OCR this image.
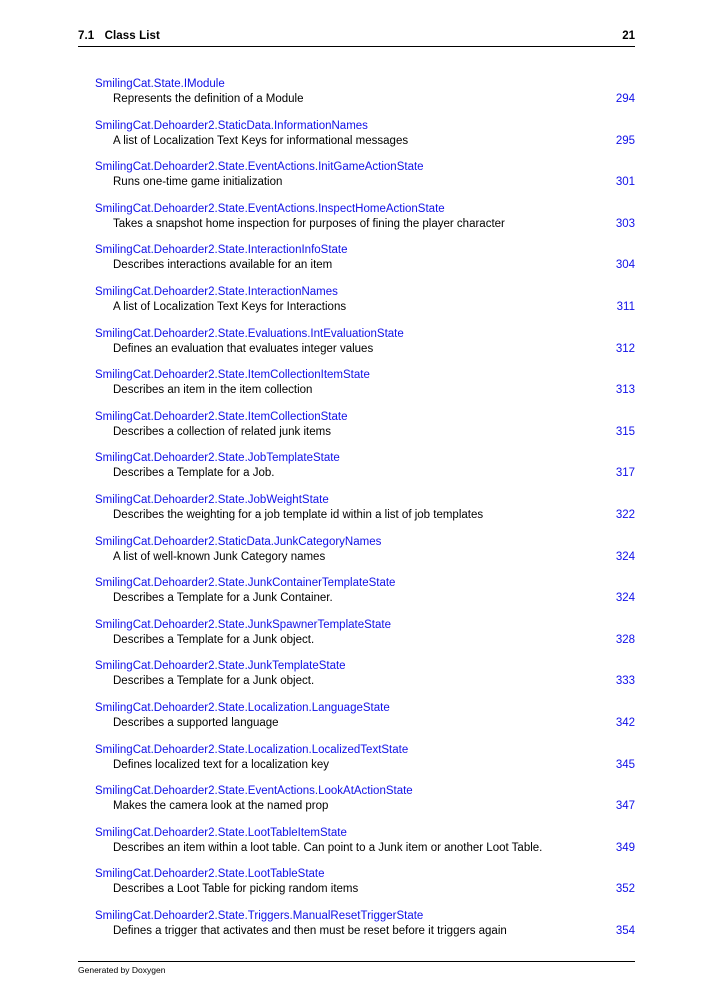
7.1 Class List	21
SmilingCat.State.IModule
Represents the definition of a Module	294
SmilingCat.Dehoarder2.StaticData.InformationNames
A list of Localization Text Keys for informational messages	295
SmilingCat.Dehoarder2.State.EventActions.InitGameActionState
Runs one-time game initialization	301
SmilingCat.Dehoarder2.State.EventActions.InspectHomeActionState
Takes a snapshot home inspection for purposes of fining the player character	303
SmilingCat.Dehoarder2.State.InteractionInfoState
Describes interactions available for an item	304
SmilingCat.Dehoarder2.State.InteractionNames
A list of Localization Text Keys for Interactions	311
SmilingCat.Dehoarder2.State.Evaluations.IntEvaluationState
Defines an evaluation that evaluates integer values	312
SmilingCat.Dehoarder2.State.ItemCollectionItemState
Describes an item in the item collection	313
SmilingCat.Dehoarder2.State.ItemCollectionState
Describes a collection of related junk items	315
SmilingCat.Dehoarder2.State.JobTemplateState
Describes a Template for a Job.	317
SmilingCat.Dehoarder2.State.JobWeightState
Describes the weighting for a job template id within a list of job templates	322
SmilingCat.Dehoarder2.StaticData.JunkCategoryNames
A list of well-known Junk Category names	324
SmilingCat.Dehoarder2.State.JunkContainerTemplateState
Describes a Template for a Junk Container.	324
SmilingCat.Dehoarder2.State.JunkSpawnerTemplateState
Describes a Template for a Junk object.	328
SmilingCat.Dehoarder2.State.JunkTemplateState
Describes a Template for a Junk object.	333
SmilingCat.Dehoarder2.State.Localization.LanguageState
Describes a supported language	342
SmilingCat.Dehoarder2.State.Localization.LocalizedTextState
Defines localized text for a localization key	345
SmilingCat.Dehoarder2.State.EventActions.LookAtActionState
Makes the camera look at the named prop	347
SmilingCat.Dehoarder2.State.LootTableItemState
Describes an item within a loot table. Can point to a Junk item or another Loot Table.	349
SmilingCat.Dehoarder2.State.LootTableState
Describes a Loot Table for picking random items	352
SmilingCat.Dehoarder2.State.Triggers.ManualResetTriggerState
Defines a trigger that activates and then must be reset before it triggers again	354
Generated by Doxygen
